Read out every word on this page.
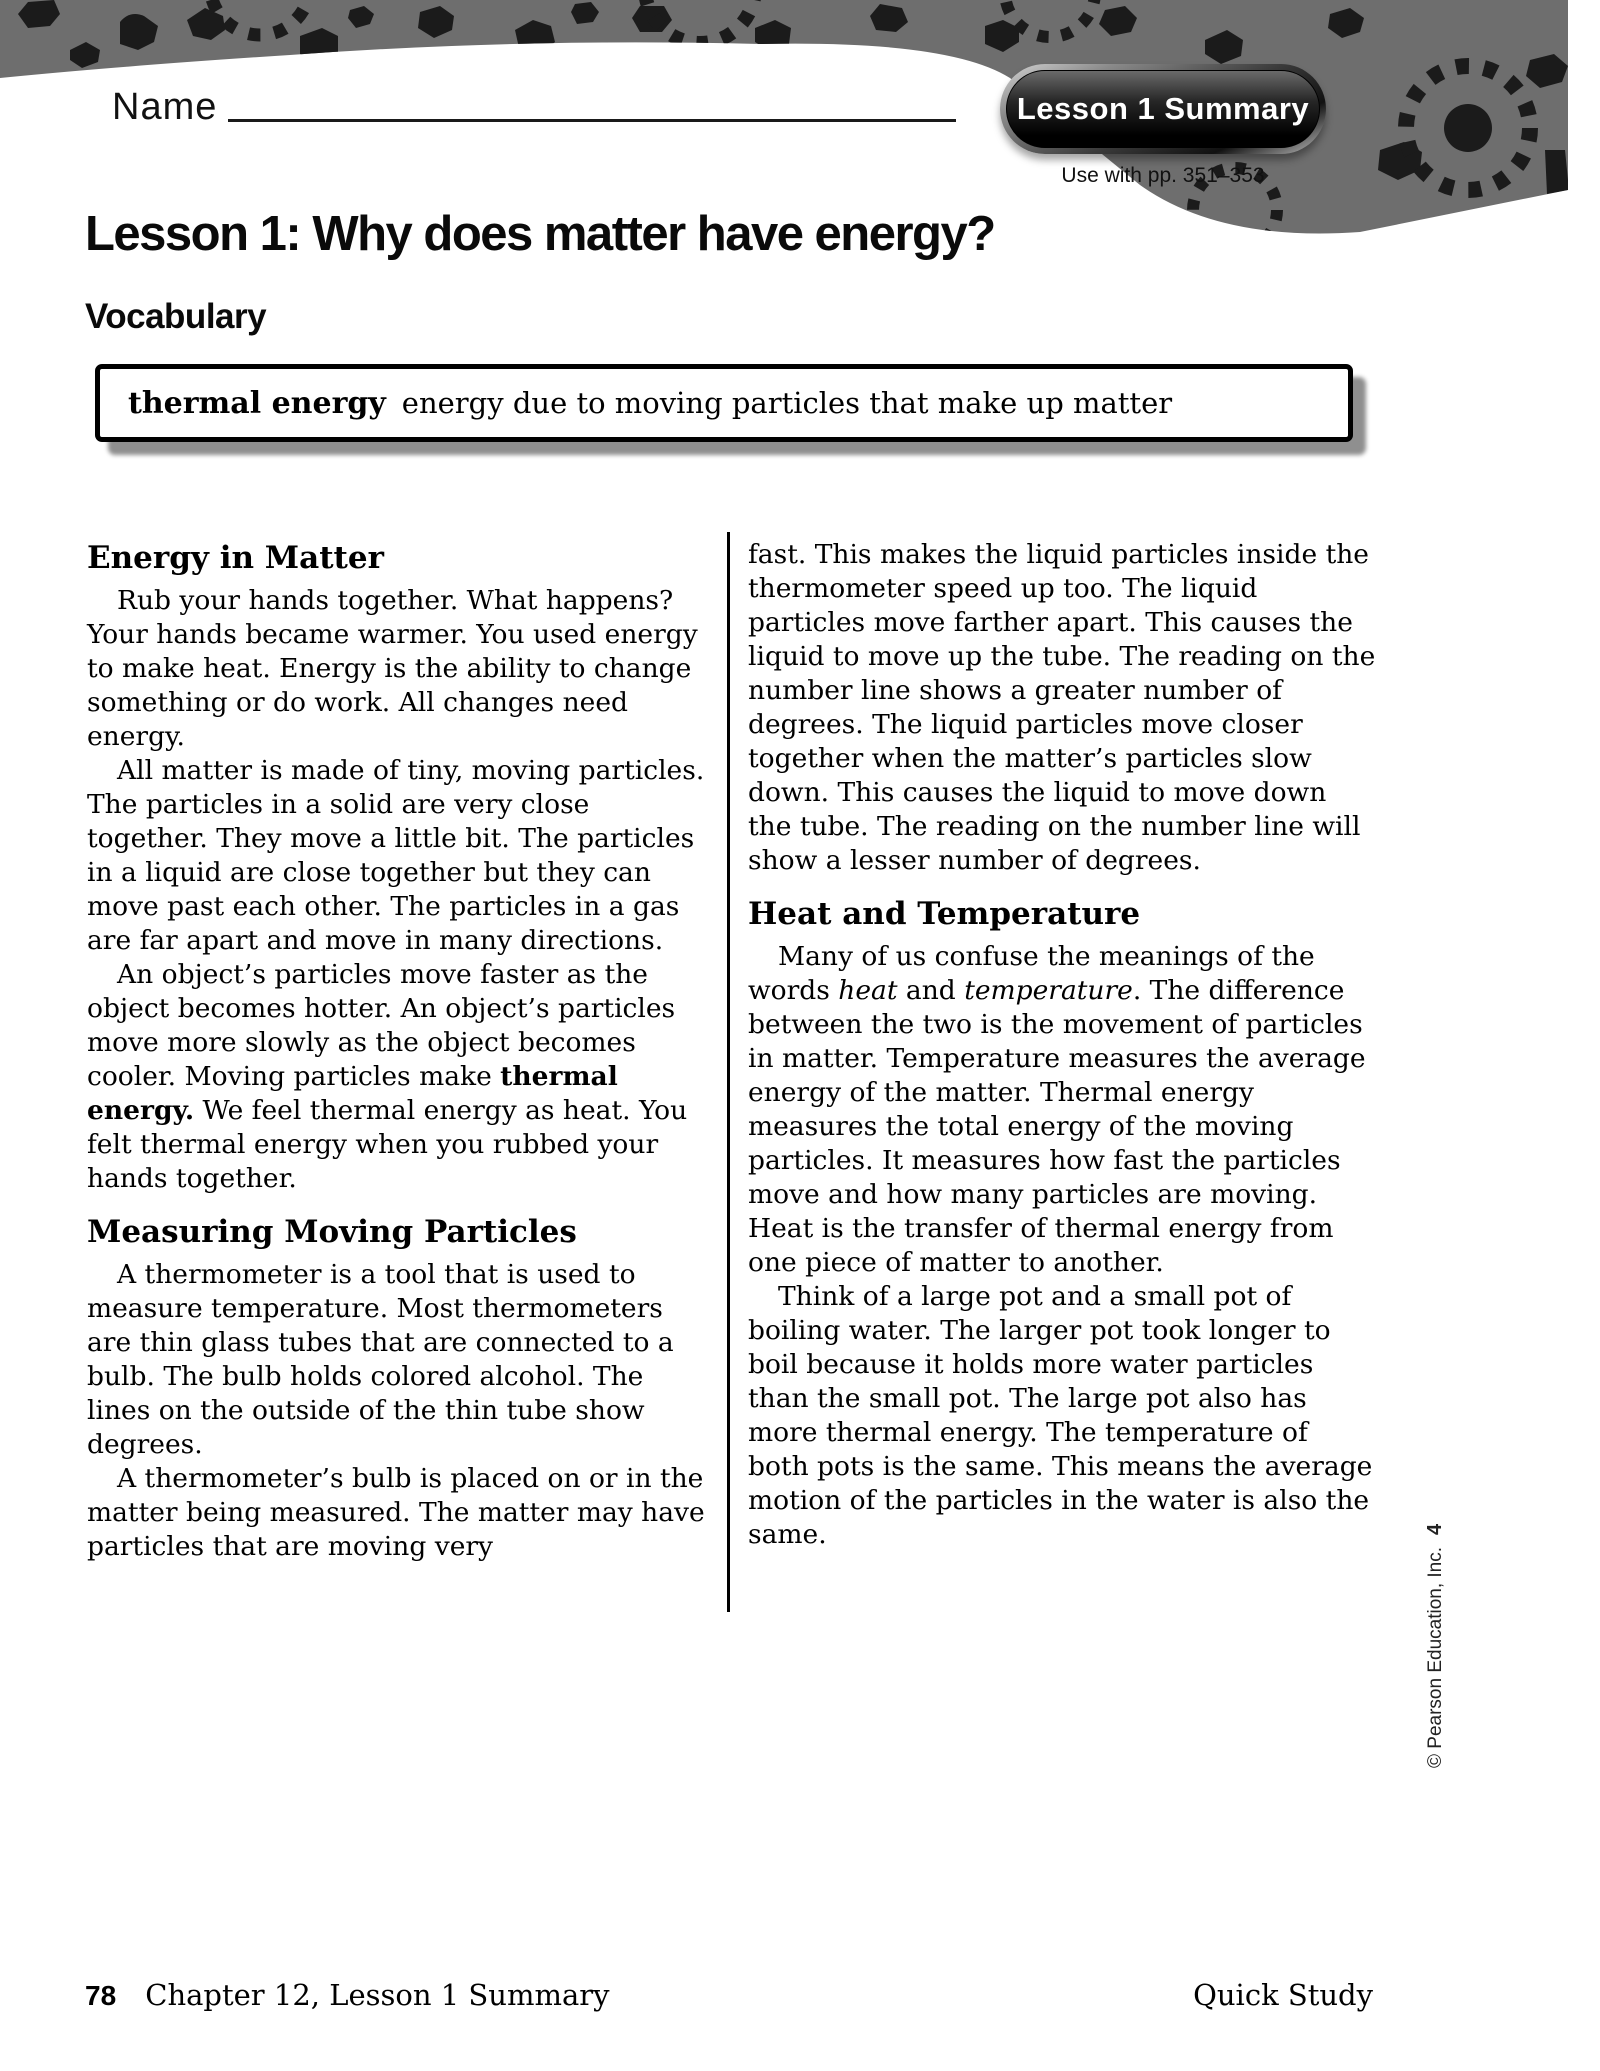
Name	Lesson 1 Summary
Use with pp. 351–353
Lesson 1: Why does matter have energy?
Vocabulary
thermal energy energy due to moving particles that make up matter
Energy in Matter

Rub your hands together. What happens? Your hands became warmer. You used energy to make heat. Energy is the ability to change something or do work. All changes need energy.

All matter is made of tiny, moving particles. The particles in a solid are very close together. They move a little bit. The particles in a liquid are close together but they can move past each other. The particles in a gas are far apart and move in many directions.

An object’s particles move faster as the object becomes hotter. An object’s particles move more slowly as the object becomes cooler. Moving particles make thermal energy. We feel thermal energy as heat. You felt thermal energy when you rubbed your hands together.

Measuring Moving Particles

A thermometer is a tool that is used to measure temperature. Most thermometers are thin glass tubes that are connected to a bulb. The bulb holds colored alcohol. The lines on the outside of the thin tube show degrees.

A thermometer’s bulb is placed on or in the matter being measured. The matter may have particles that are moving very

fast. This makes the liquid particles inside the thermometer speed up too. The liquid particles move farther apart. This causes the liquid to move up the tube. The reading on the number line shows a greater number of degrees. The liquid particles move closer together when the matter’s particles slow down. This causes the liquid to move down the tube. The reading on the number line will show a lesser number of degrees.

Heat and Temperature

Many of us confuse the meanings of the words heat and temperature. The difference between the two is the movement of particles in matter. Temperature measures the average energy of the matter. Thermal energy measures the total energy of the moving particles. It measures how fast the particles move and how many particles are moving. Heat is the transfer of thermal energy from one piece of matter to another.

Think of a large pot and a small pot of boiling water. The larger pot took longer to boil because it holds more water particles than the small pot. The large pot also has more thermal energy. The temperature of both pots is the same. This means the average motion of the particles in the water is also the same.

© Pearson Education, Inc.4
78 Chapter 12, Lesson 1 Summary	Quick Study
